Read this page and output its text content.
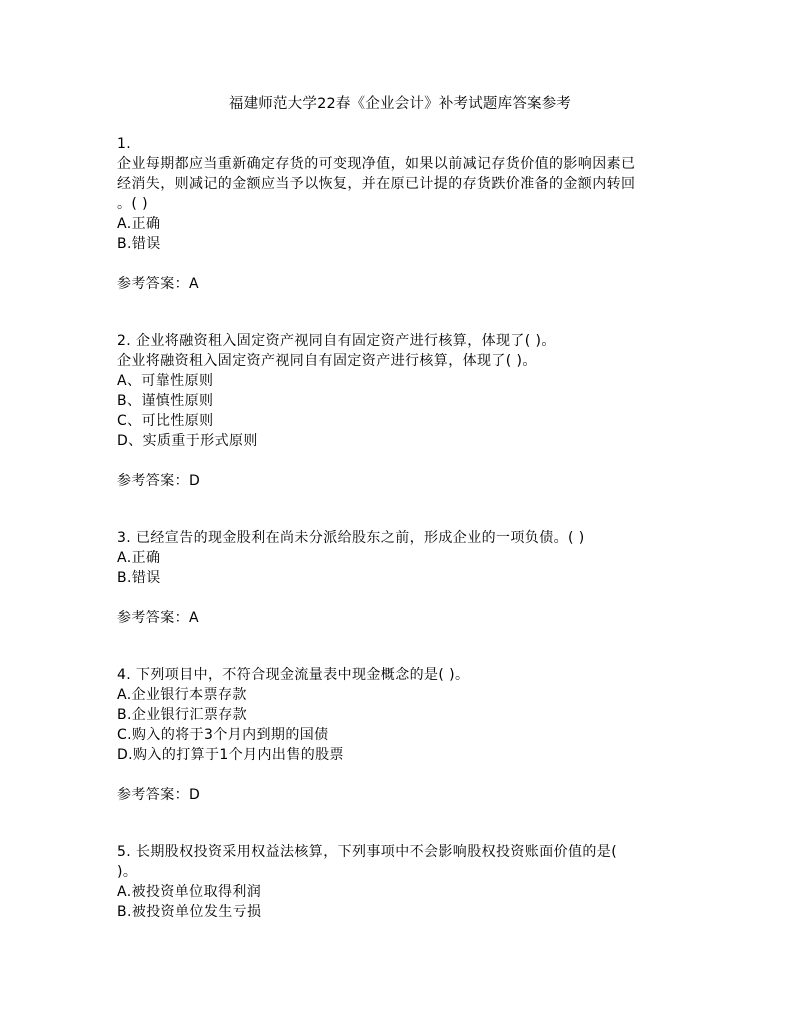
福建师范大学22春《企业会计》补考试题库答案参考
1.
企业每期都应当重新确定存货的可变现净值，如果以前减记存货价值的影响因素已
经消失，则减记的金额应当予以恢复，并在原已计提的存货跌价准备的金额内转回
。( )
A.正确
B.错误
参考答案：A
2. 企业将融资租入固定资产视同自有固定资产进行核算，体现了( )。
企业将融资租入固定资产视同自有固定资产进行核算，体现了( )。
A、可靠性原则
B、谨慎性原则
C、可比性原则
D、实质重于形式原则
参考答案：D
3. 已经宣告的现金股利在尚未分派给股东之前，形成企业的一项负债。( )
A.正确
B.错误
参考答案：A
4. 下列项目中，不符合现金流量表中现金概念的是( )。
A.企业银行本票存款
B.企业银行汇票存款
C.购入的将于3个月内到期的国债
D.购入的打算于1个月内出售的股票
参考答案：D
5. 长期股权投资采用权益法核算，下列事项中不会影响股权投资账面价值的是(
)。
A.被投资单位取得利润
B.被投资单位发生亏损
